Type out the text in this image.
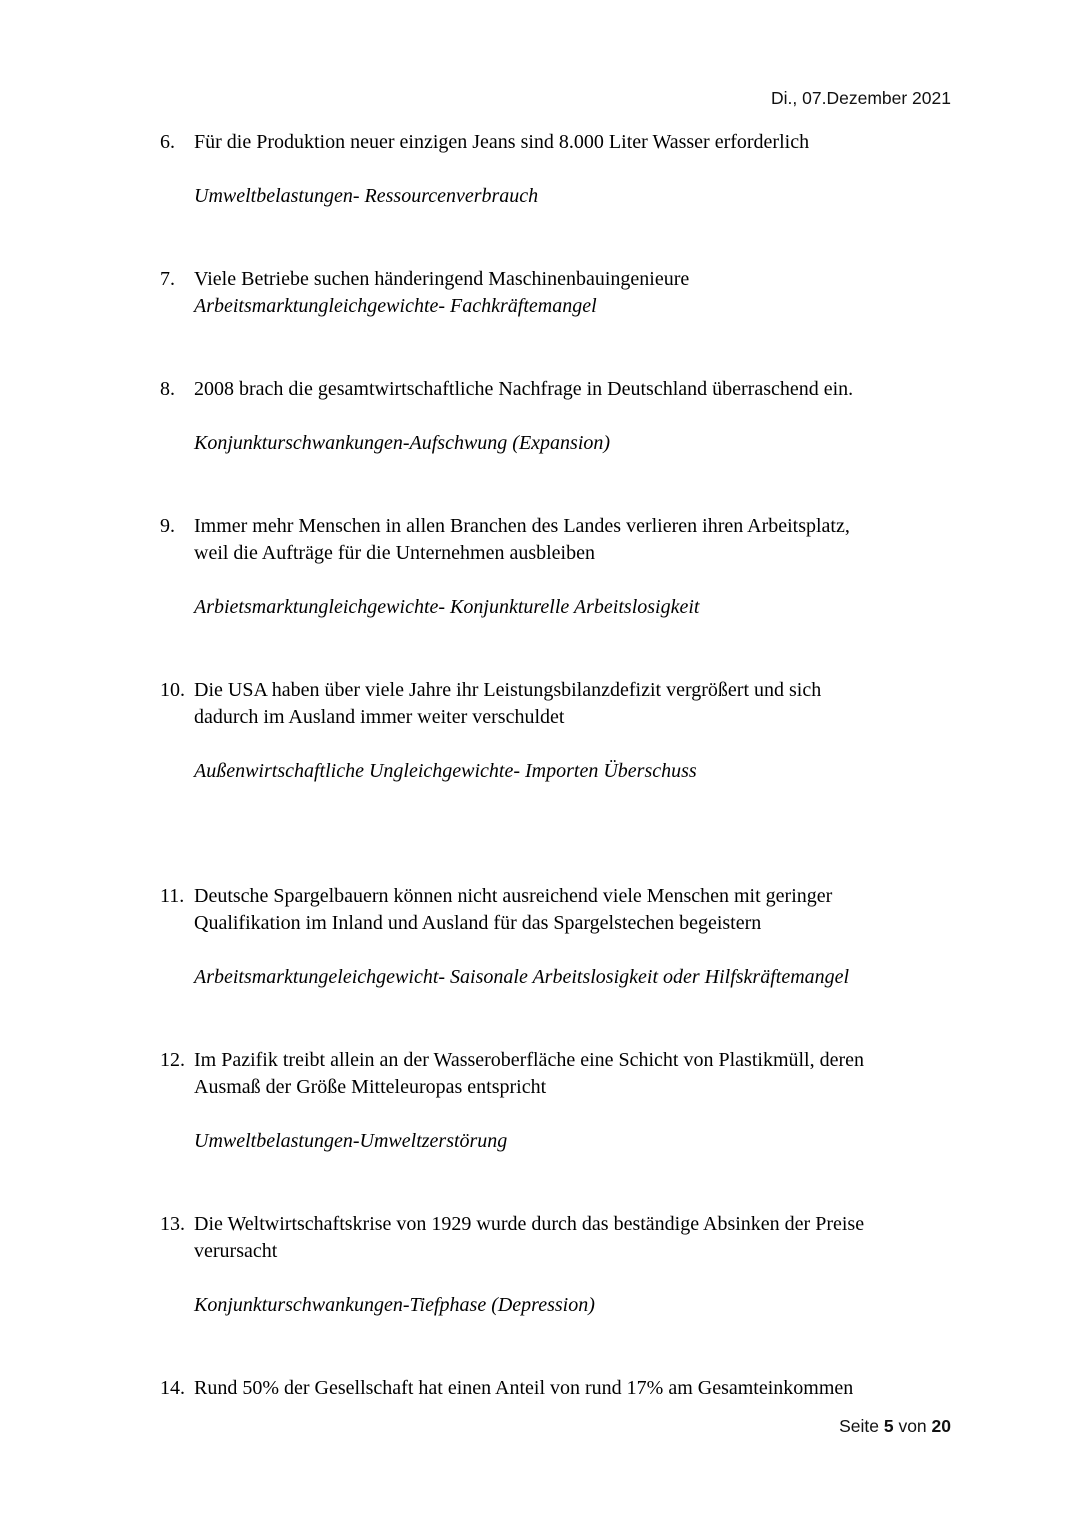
Di., 07.Dezember 2021
6. Für die Produktion neuer einzigen Jeans sind 8.000 Liter Wasser erforderlich
Umweltbelastungen- Ressourcenverbrauch
7. Viele Betriebe suchen händeringend Maschinenbauingenieure
Arbeitsmarktungleichgewichte- Fachkräftemangel
8. 2008 brach die gesamtwirtschaftliche Nachfrage in Deutschland überraschend ein.
Konjunkturschwankungen-Aufschwung (Expansion)
9. Immer mehr Menschen in allen Branchen des Landes verlieren ihren Arbeitsplatz,
weil die Aufträge für die Unternehmen ausbleiben
Arbietsmarktungleichgewichte- Konjunkturelle Arbeitslosigkeit
10. Die USA haben über viele Jahre ihr Leistungsbilanzdefizit vergrößert und sich
dadurch im Ausland immer weiter verschuldet
Außenwirtschaftliche Ungleichgewichte- Importen Überschuss
11. Deutsche Spargelbauern können nicht ausreichend viele Menschen mit geringer
Qualifikation im Inland und Ausland für das Spargelstechen begeistern
Arbeitsmarktungeleichgewicht- Saisonale Arbeitslosigkeit oder Hilfskräftemangel
12. Im Pazifik treibt allein an der Wasseroberfläche eine Schicht von Plastikmüll, deren
Ausmaß der Größe Mitteleuropas entspricht
Umweltbelastungen-Umweltzerstörung
13. Die Weltwirtschaftskrise von 1929 wurde durch das beständige Absinken der Preise
verursacht
Konjunkturschwankungen-Tiefphase (Depression)
14. Rund 50% der Gesellschaft hat einen Anteil von rund 17% am Gesamteinkommen
Seite 5 von 20
